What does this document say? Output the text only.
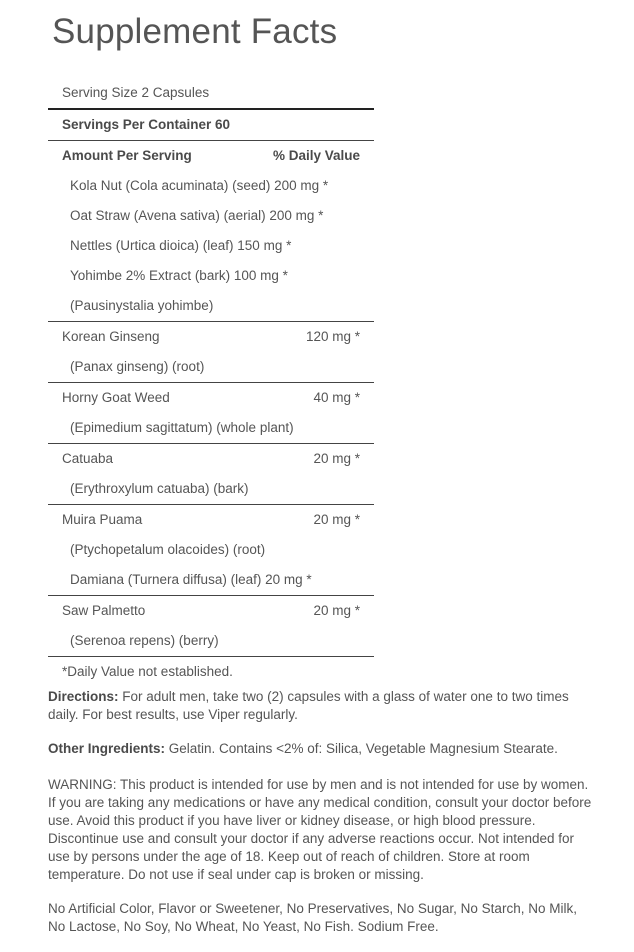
Supplement Facts
Serving Size 2 Capsules
Servings Per Container 60
Amount Per Serving	% Daily Value
Kola Nut (Cola acuminata) (seed) 200 mg *
Oat Straw (Avena sativa) (aerial) 200 mg *
Nettles (Urtica dioica) (leaf) 150 mg *
Yohimbe 2% Extract (bark) 100 mg *
(Pausinystalia yohimbe)
Korean Ginseng	120 mg *
(Panax ginseng) (root)
Horny Goat Weed	40 mg *
(Epimedium sagittatum) (whole plant)
Catuaba	20 mg *
(Erythroxylum catuaba) (bark)
Muira Puama	20 mg *
(Ptychopetalum olacoides) (root)
Damiana (Turnera diffusa) (leaf) 20 mg *
Saw Palmetto	20 mg *
(Serenoa repens) (berry)
*Daily Value not established.
Directions: For adult men, take two (2) capsules with a glass of water one to two times daily. For best results, use Viper regularly.
Other Ingredients: Gelatin. Contains <2% of: Silica, Vegetable Magnesium Stearate.
WARNING: This product is intended for use by men and is not intended for use by women. If you are taking any medications or have any medical condition, consult your doctor before use. Avoid this product if you have liver or kidney disease, or high blood pressure. Discontinue use and consult your doctor if any adverse reactions occur. Not intended for use by persons under the age of 18. Keep out of reach of children. Store at room temperature. Do not use if seal under cap is broken or missing.
No Artificial Color, Flavor or Sweetener, No Preservatives, No Sugar, No Starch, No Milk, No Lactose, No Soy, No Wheat, No Yeast, No Fish. Sodium Free.
